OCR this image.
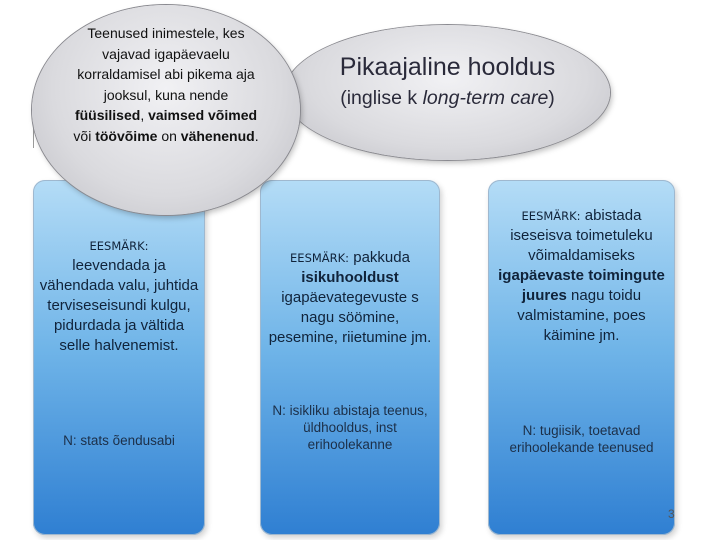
EESMÄRK:
leevendada ja vähendada valu, juhtida terviseseisundi kulgu, pidurdada ja vältida selle halvenemist.
N: stats õendusabi
EESMÄRK: pakkuda isikuhooldust igapäevategevuste s nagu söömine, pesemine, riietumine jm.
N: isikliku abistaja teenus, üldhooldus, inst erihoolekanne
EESMÄRK: abistada iseseisva toimetuleku võimaldamiseks igapäevaste toimingute juures nagu toidu valmistamine, poes käimine jm.
N: tugiisik, toetavad erihoolekande teenused
Pikaajaline hooldus
(inglise k long-term care)
Teenused inimestele, kes vajavad igapäevaelu korraldamisel abi pikema aja jooksul, kuna nende füüsilised, vaimsed võimed või töövõime on vähenenud.
3
